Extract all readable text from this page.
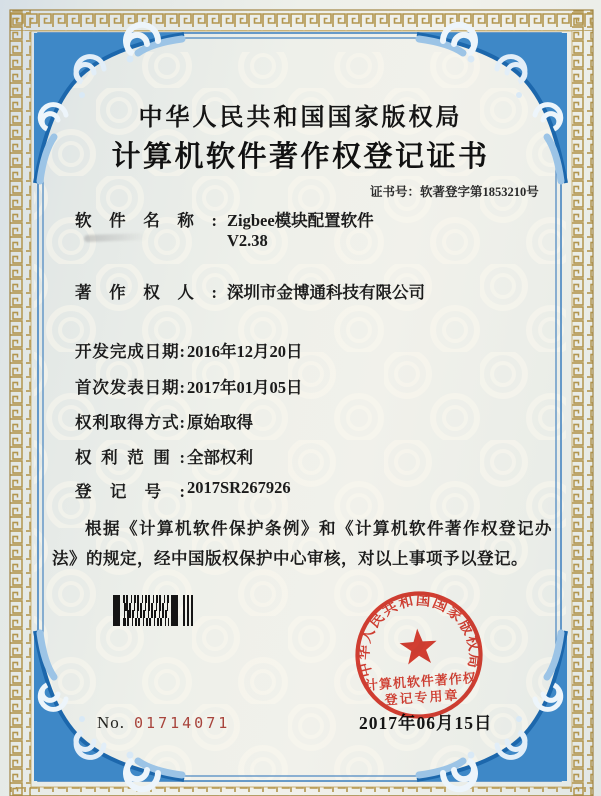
中华人民共和国国家版权局
计算机软件著作权登记证书
证书号：软著登字第1853210号
软件名称: Zigbee模块配置软件
V2.38
著作权人: 深圳市金博通科技有限公司
开发完成日期: 2016年12月20日
首次发表日期: 2017年01月05日
权利取得方式: 原始取得
权利范围: 全部权利
登记号: 2017SR267926
根据《计算机软件保护条例》和《计算机软件著作权登记办法》的规定，经中国版权保护中心审核，对以上事项予以登记。
No. 01714071	2017年06月15日
中华人民共和国国家版权局
计算机软件著作权
登记专用章
